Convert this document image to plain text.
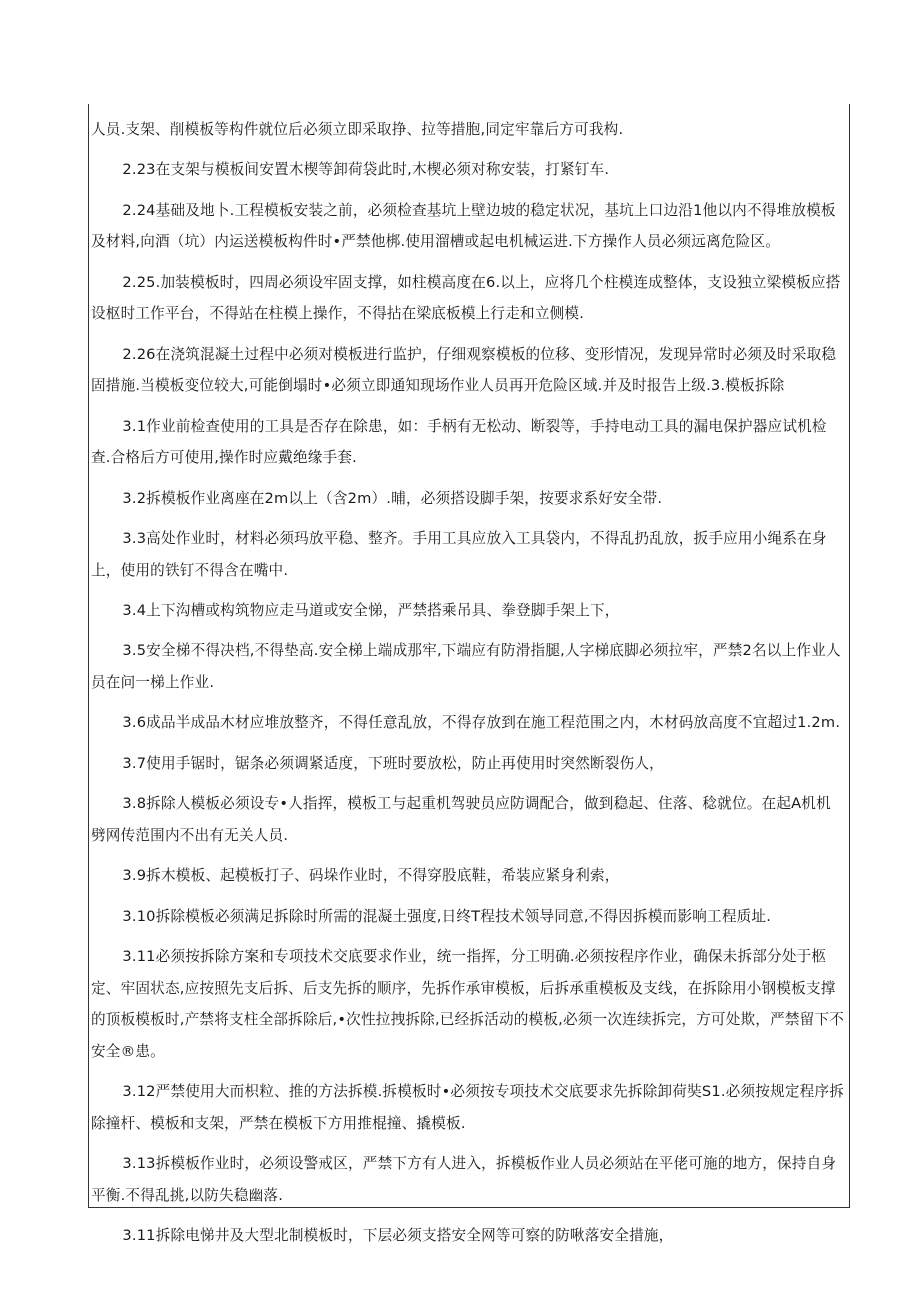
人员.支架、削模板等构件就位后必须立即采取挣、拉等措胞,同定牢靠后方可我构.

2.23在支架与模板间安置木楔等卸荷袋此时,木楔必须对称安装，打紧钉车.

2.24基础及地卜.工程模板安装之前，必须检查基坑上壁边坡的稳定状况，基坑上口边沿1他以内不得堆放模板及材料,向酒（坑）内运送模板构件时•严禁他梆.使用溜槽或起电机械运进.下方操作人员必须远离危险区。

2.25.加装模板时，四周必须设牢固支撑，如柱模高度在6.以上，应将几个柱模连成整体，支设独立梁模板应搭设枢时工作平台，不得站在柱模上操作，不得拈在梁底板模上行走和立侧模.

2.26在浇筑混凝土过程中必须对模板进行监护，仔细观察模板的位移、变形情况，发现异常时必须及时采取稳固措施.当模板变位较大,可能倒塌时•必须立即通知现场作业人员再开危险区域.并及时报告上级.3.模板拆除

3.1作业前检查使用的工具是否存在除患，如：手柄有无松动、断裂等，手持电动工具的漏电保护器应试机检查.合格后方可使用,操作时应戴绝缘手套.

3.2拆模板作业离座在2m以上（含2m）.晡，必须搭设脚手架，按要求系好安全带.

3.3高处作业时，材料必须玛放平稳、整齐。手用工具应放入工具袋内，不得乱扔乱放，扳手应用小绳系在身上，使用的铁钉不得含在嘴中.

3.4上下沟槽或构筑物应走马道或安全悌，严禁搭乘吊具、拳登脚手架上下，

3.5安全梯不得决档,不得垫高.安全梯上端成那牢,下端应有防滑指腿,人字梯底脚必须拉牢，严禁2名以上作业人员在问一梯上作业.

3.6成品半成品木材应堆放整齐，不得任意乱放，不得存放到在施工程范围之内，木材码放高度不宜超过1.2m.

3.7使用手锯时，锯条必须调紧适度，下班时要放松，防止再使用时突然断裂伤人，

3.8拆除人模板必须设专•人指挥，模板工与起重机驾驶员应防调配合，做到稳起、住落、稔就位。在起A机机劈网传范围内不出有无关人员.

3.9拆木模板、起模板打子、码垛作业时，不得穿股底鞋，希装应紧身利索，

3.10拆除模板必须满足拆除时所需的混凝土强度,日终T程技术领导同意,不得因拆模而影响工程质址.

3.11必须按拆除方案和专项技术交底要求作业，统一指挥，分工明确.必须按程序作业，确保未拆部分处于柩定、牢固状态,应按照先支后拆、后支先拆的顺序，先拆作承审模板，后拆承重模板及支线，在拆除用小钢模板支撑的顶板模板时,产禁将支柱全部拆除后,•次性拉拽拆除,已经拆活动的模板,必须一次连续拆完，方可处欺，严禁留下不安全®患。

3.12严禁使用大而枳粒、推的方法拆模.拆模板时•必须按专项技术交底要求先拆除卸荷奘S1.必须按规定程序拆除撞杆、模板和支架，严禁在模板下方用推棍撞、撬模板.

3.13拆模板作业时，必须设警戒区，严禁下方有人进入，拆模板作业人员必须站在平佬可施的地方，保持自身平衡.不得乱挑,以防失稳幽落.

3.11拆除电悌井及大型北制模板时，下层必须支搭安全网等可察的防啾落安全措施，
